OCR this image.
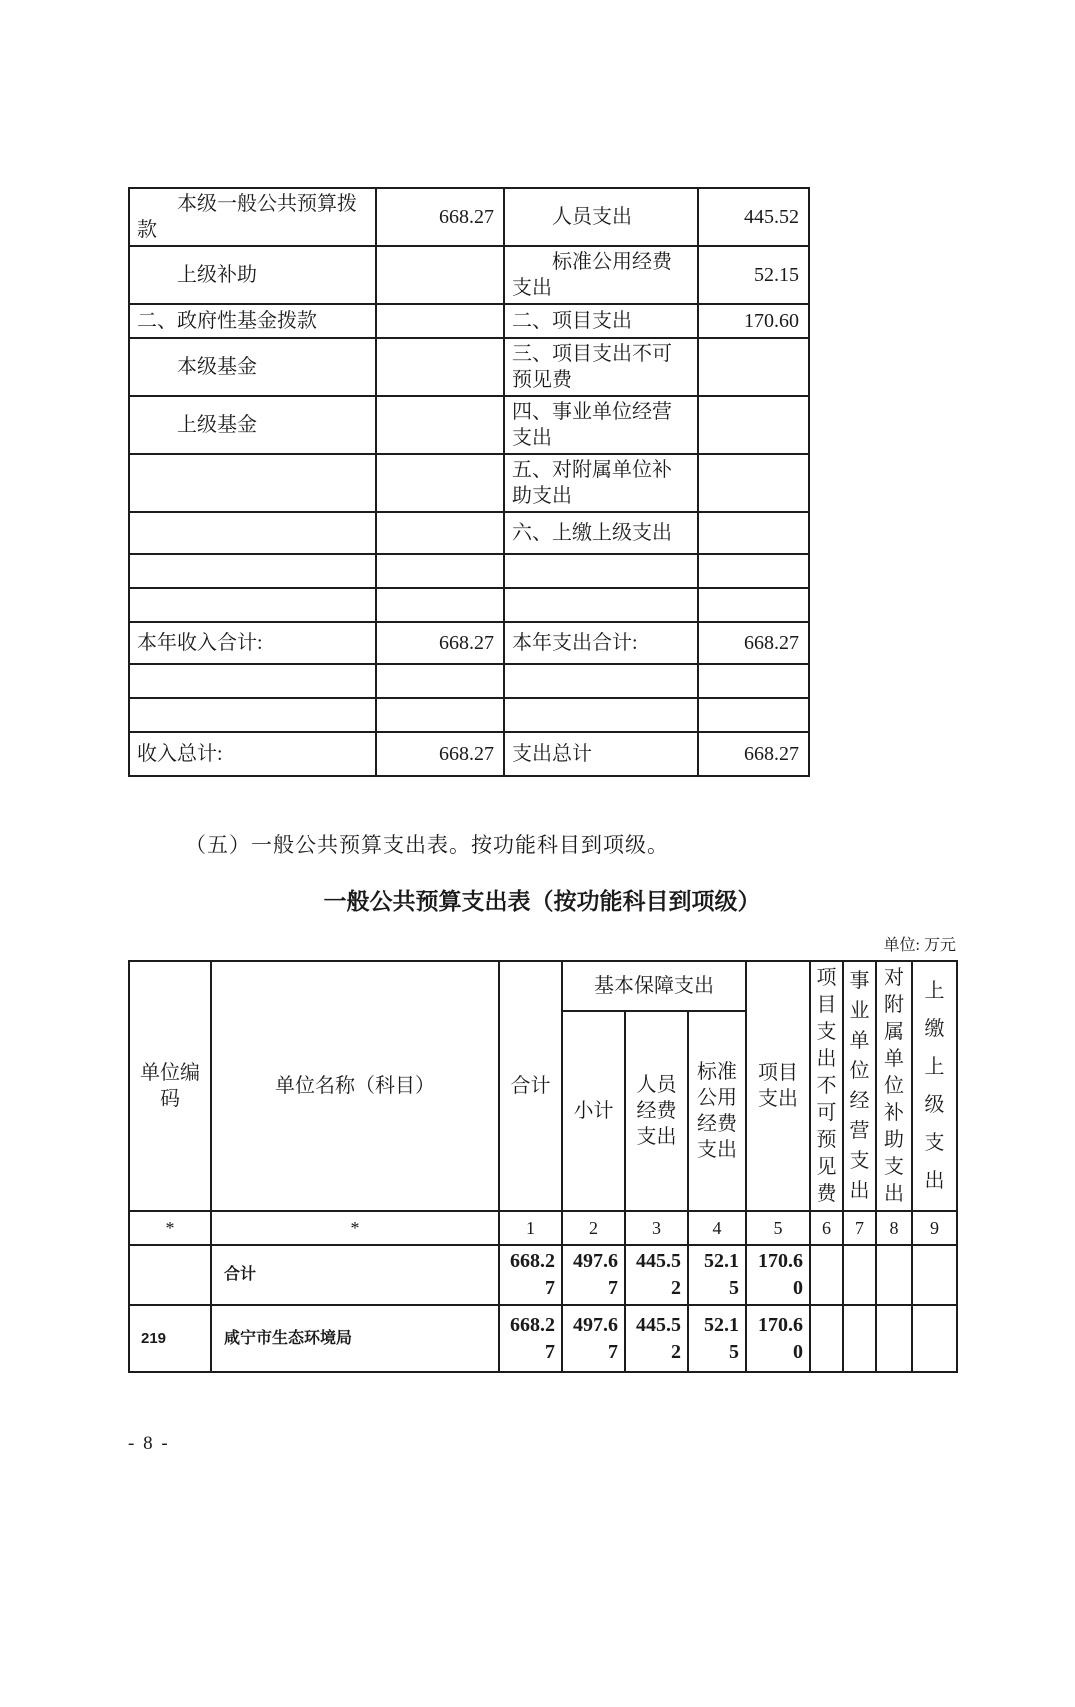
本级一般公共预算拨款	668.27	人员支出	445.52
上级补助		标准公用经费支出	52.15
二、政府性基金拨款		二、项目支出	170.60
本级基金		三、项目支出不可预见费	
上级基金		四、事业单位经营支出	
		五、对附属单位补助支出	
		六、上缴上级支出	

本年收入合计:	668.27	本年支出合计:	668.27

收入总计:	668.27	支出总计	668.27
（五）一般公共预算支出表。按功能科目到项级。
一般公共预算支出表（按功能科目到项级）
单位: 万元
单位编码	单位名称（科目）	合计	基本保障支出			项目支出	项目支出不可预见费	事业单位经营支出	对附属单位补助支出	上缴上级支出
			小计	人员经费支出	标准公用经费支出					
*	*	1	2	3	4	5	6	7	8	9
	合计	668.27	497.67	445.52	52.15	170.60				
219	咸宁市生态环境局	668.27	497.67	445.52	52.15	170.60				
- 8 -
